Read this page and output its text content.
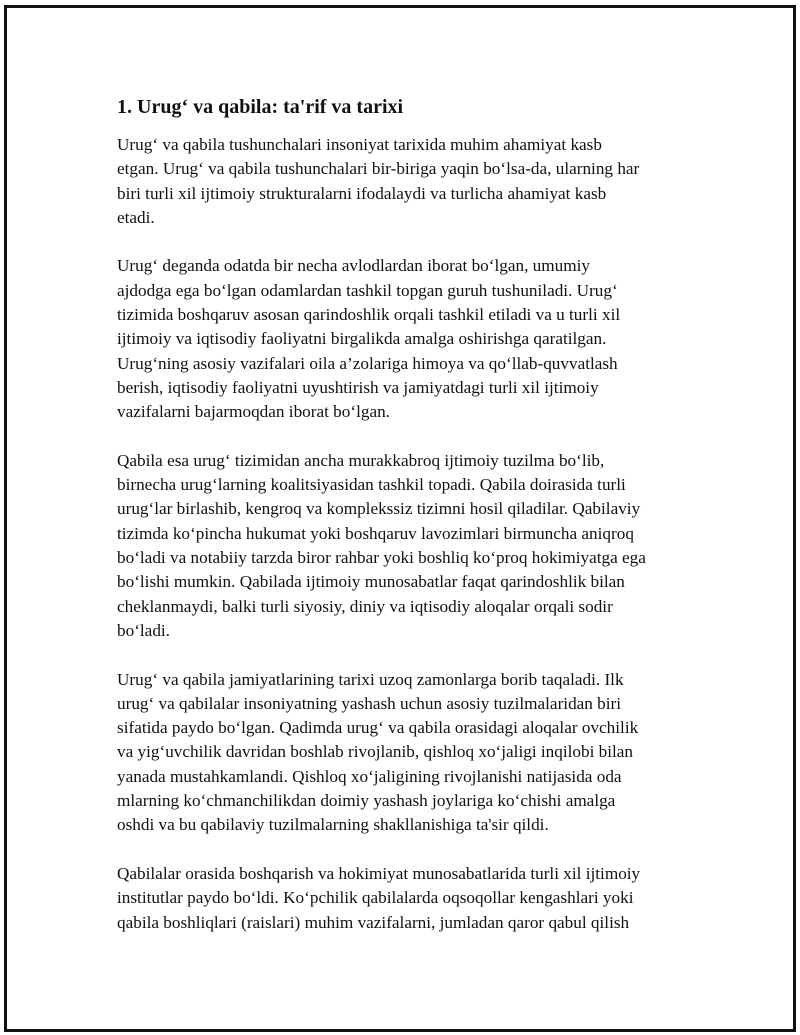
1. Urugʻ va qabila: ta'rif va tarixi

Urugʻ va qabila tushunchalari insoniyat tarixida muhim ahamiyat kasb
etgan. Urugʻ va qabila tushunchalari bir-biriga yaqin boʻlsa-da, ularning har
biri turli xil ijtimoiy strukturalarni ifodalaydi va turlicha ahamiyat kasb
etadi.

Urugʻ deganda odatda bir necha avlodlardan iborat boʻlgan, umumiy
ajdodga ega boʻlgan odamlardan tashkil topgan guruh tushuniladi. Urugʻ
tizimida boshqaruv asosan qarindoshlik orqali tashkil etiladi va u turli xil
ijtimoiy va iqtisodiy faoliyatni birgalikda amalga oshirishga qaratilgan.
Urugʻning asosiy vazifalari oila a’zolariga himoya va qoʻllab-quvvatlash
berish, iqtisodiy faoliyatni uyushtirish va jamiyatdagi turli xil ijtimoiy
vazifalarni bajarmoqdan iborat boʻlgan.

Qabila esa urugʻ tizimidan ancha murakkabroq ijtimoiy tuzilma boʻlib,
birnecha urugʻlarning koalitsiyasidan tashkil topadi. Qabila doirasida turli
urugʻlar birlashib, kengroq va komplekssiz tizimni hosil qiladilar. Qabilaviy
tizimda koʻpincha hukumat yoki boshqaruv lavozimlari birmuncha aniqroq
boʻladi va notabiiy tarzda biror rahbar yoki boshliq koʻproq hokimiyatga ega
boʻlishi mumkin. Qabilada ijtimoiy munosabatlar faqat qarindoshlik bilan
cheklanmaydi, balki turli siyosiy, diniy va iqtisodiy aloqalar orqali sodir
boʻladi.

Urugʻ va qabila jamiyatlarining tarixi uzoq zamonlarga borib taqaladi. Ilk
urugʻ va qabilalar insoniyatning yashash uchun asosiy tuzilmalaridan biri
sifatida paydo boʻlgan. Qadimda urugʻ va qabila orasidagi aloqalar ovchilik
va yigʻuvchilik davridan boshlab rivojlanib, qishloq xoʻjaligi inqilobi bilan
yanada mustahkamlandi. Qishloq xoʻjaligining rivojlanishi natijasida oda
mlarning koʻchmanchilikdan doimiy yashash joylariga koʻchishi amalga
oshdi va bu qabilaviy tuzilmalarning shakllanishiga ta'sir qildi.

Qabilalar orasida boshqarish va hokimiyat munosabatlarida turli xil ijtimoiy
institutlar paydo boʻldi. Koʻpchilik qabilalarda oqsoqollar kengashlari yoki
qabila boshliqlari (raislari) muhim vazifalarni, jumladan qaror qabul qilish
